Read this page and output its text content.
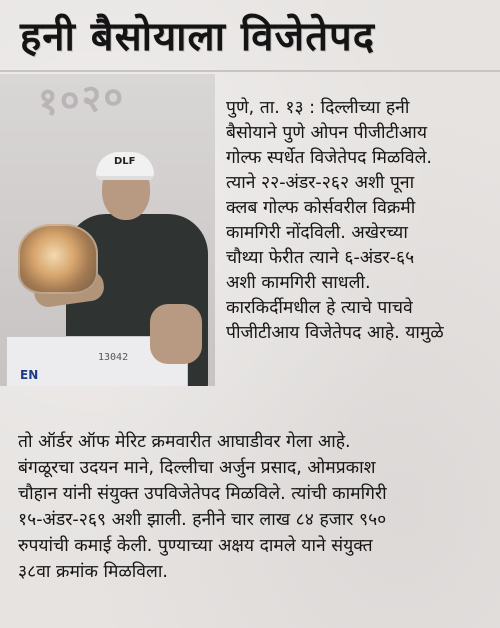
हनी बैसोयाला विजेतेपद
१०२०
DLF
13042
EN
पुणे, ता. १३ : दिल्लीच्या हनी
बैसोयाने पुणे ओपन पीजीटीआय
गोल्फ स्पर्धेत विजेतेपद मिळविले.
त्याने २२-अंडर-२६२ अशी पूना
क्लब गोल्फ कोर्सवरील विक्रमी
कामगिरी नोंदविली. अखेरच्या
चौथ्या फेरीत त्याने ६-अंडर-६५
अशी कामगिरी साधली.
कारकिर्दीमधील हे त्याचे पाचवे
पीजीटीआय विजेतेपद आहे. यामुळे
तो ऑर्डर ऑफ मेरिट क्रमवारीत आघाडीवर गेला आहे.
बंगळूरचा उदयन माने, दिल्लीचा अर्जुन प्रसाद, ओमप्रकाश
चौहान यांनी संयुक्त उपविजेतेपद मिळविले. त्यांची कामगिरी
१५-अंडर-२६९ अशी झाली. हनीने चार लाख ८४ हजार ९५०
रुपयांची कमाई केली. पुण्याच्या अक्षय दामले याने संयुक्त
३८वा क्रमांक मिळविला.
